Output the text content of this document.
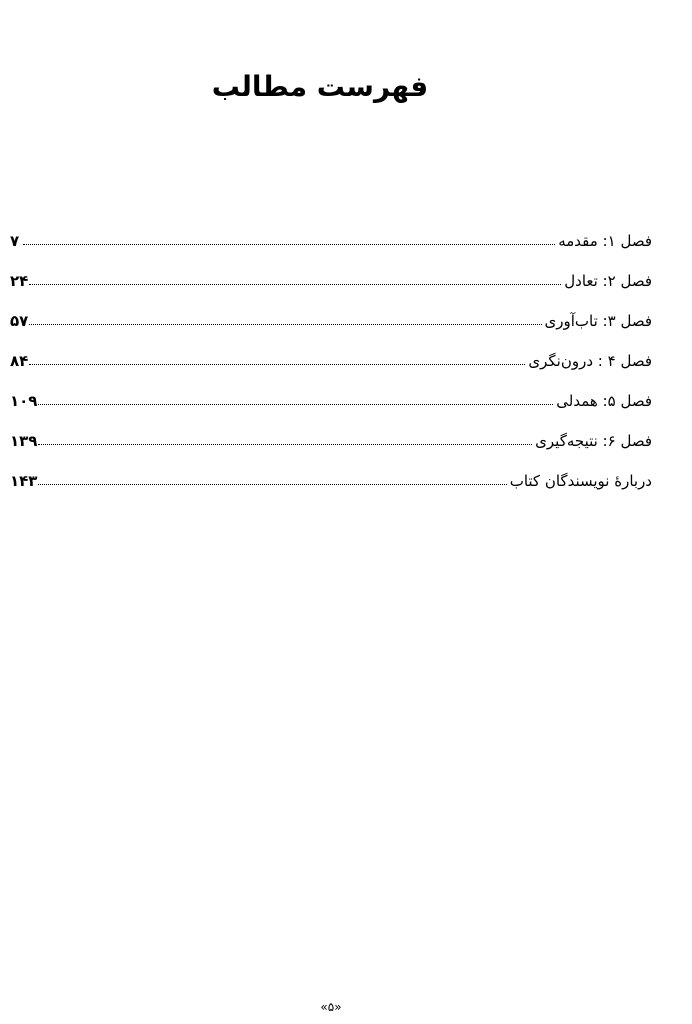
فهرست مطالب
فصل ۱: مقدمه
۷
فصل ۲: تعادل
۲۴
فصل ۳: تاب‌آوری
۵۷
فصل ۴ : درون‌نگری
۸۴
فصل ۵: همدلی
۱۰۹
فصل ۶: نتیجه‌گیری
۱۳۹
دربارهٔ نویسندگان کتاب
۱۴۳
«۵»
